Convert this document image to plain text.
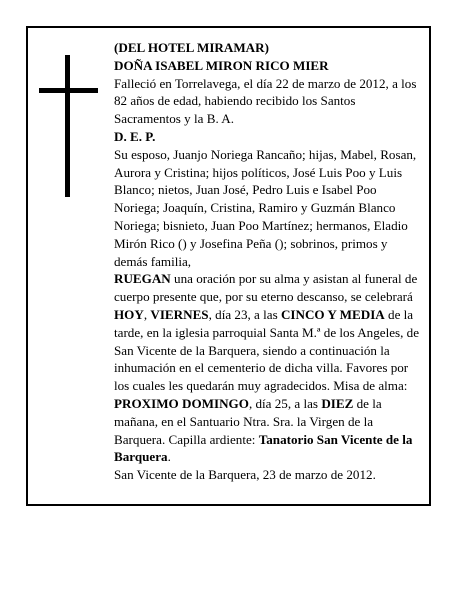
(DEL HOTEL MIRAMAR)

DOÑA ISABEL MIRON RICO MIER

Falleció en Torrelavega, el día 22 de marzo de 2012, a los 82 años de edad, habiendo recibido los Santos Sacramentos y la B. A.

D. E. P.

Su esposo, Juanjo Noriega Rancaño; hijas, Mabel, Rosan, Aurora y Cristina; hijos políticos, José Luis Poo y Luis Blanco; nietos, Juan José, Pedro Luis e Isabel Poo Noriega; Joaquín, Cristina, Ramiro y Guzmán Blanco Noriega; bisnieto, Juan Poo Martínez; hermanos, Eladio Mirón Rico () y Josefina Peña (); sobrinos, primos y demás familia,

RUEGAN una oración por su alma y asistan al funeral de cuerpo presente que, por su eterno descanso, se celebrará HOY, VIERNES, día 23, a las CINCO Y MEDIA de la tarde, en la iglesia parroquial Santa M.ª de los Angeles, de San Vicente de la Barquera, siendo a continuación la inhumación en el cementerio de dicha villa. Favores por los cuales les quedarán muy agradecidos. Misa de alma: PROXIMO DOMINGO, día 25, a las DIEZ de la mañana, en el Santuario Ntra. Sra. la Virgen de la Barquera. Capilla ardiente: Tanatorio San Vicente de la Barquera.

San Vicente de la Barquera, 23 de marzo de 2012.
